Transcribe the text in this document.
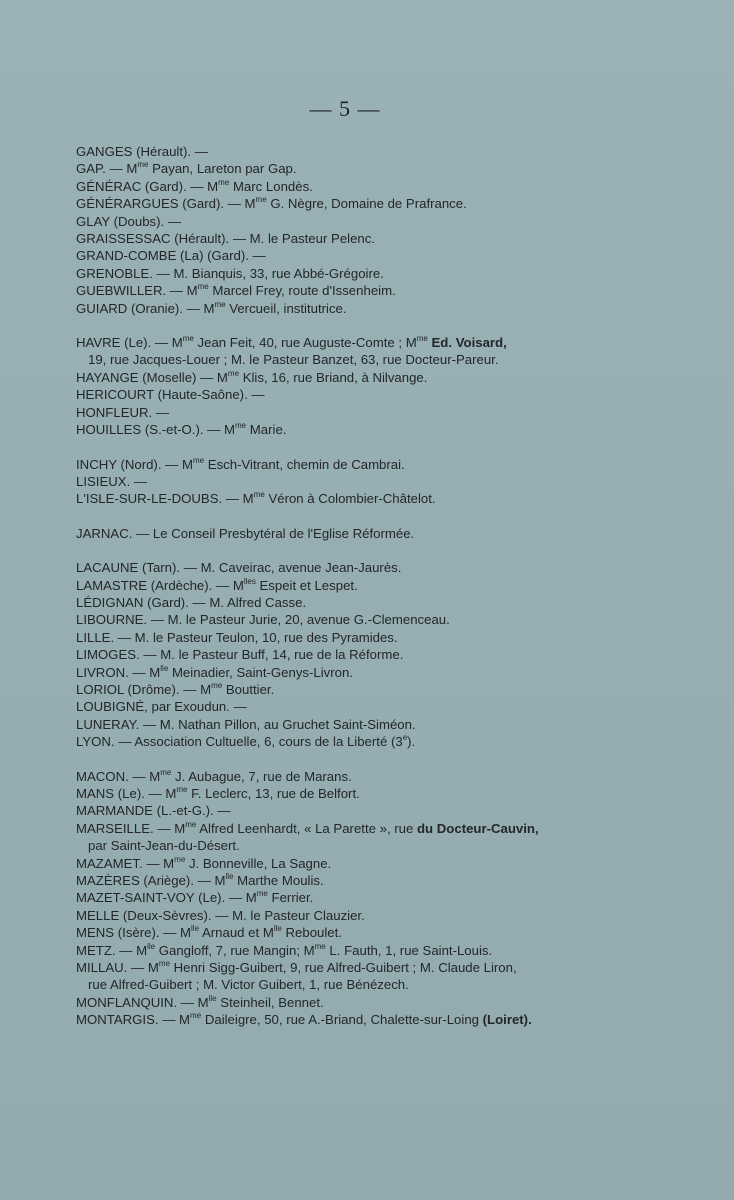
— 5 —
GANGES (Hérault). —
GAP. — $M^{me}$ Payan, Lareton par Gap.
GÉNÉRAC (Gard). — $M^{me}$ Marc Londès.
GÉNÉRARGUES (Gard). — $M^{me}$ G. Nègre, Domaine de Prafrance.
GLAY (Doubs). —
GRAISSESSAC (Hérault). — M. le Pasteur Pelenc.
GRAND-COMBE (La) (Gard). —
GRENOBLE. — M. Bianquis, 33, rue Abbé-Grégoire.
GUEBWILLER. — $M^{me}$ Marcel Frey, route d'Issenheim.
GUIARD (Oranie). — $M^{me}$ Vercueil, institutrice.
HAVRE (Le). — $M^{me}$ Jean Feit, 40, rue Auguste-Comte ; $M^{me}$ Ed. Voisard,
19, rue Jacques-Louer ; M. le Pasteur Banzet, 63, rue Docteur-Pareur.
HAYANGE (Moselle) — $M^{me}$ Klis, 16, rue Briand, à Nilvange.
HERICOURT (Haute-Saône). —
HONFLEUR. —
HOUILLES (S.-et-O.). — $M^{me}$ Marie.
INCHY (Nord). — $M^{me}$ Esch-Vitrant, chemin de Cambrai.
LISIEUX. —
L'ISLE-SUR-LE-DOUBS. — $M^{me}$ Véron à Colombier-Châtelot.
JARNAC. — Le Conseil Presbytéral de l'Eglise Réformée.
LACAUNE (Tarn). — M. Caveirac, avenue Jean-Jaurès.
LAMASTRE (Ardèche). — $M^{lles}$ Espeit et Lespet.
LÉDIGNAN (Gard). — M. Alfred Casse.
LIBOURNE. — M. le Pasteur Jurie, 20, avenue G.-Clemenceau.
LILLE. — M. le Pasteur Teulon, 10, rue des Pyramides.
LIMOGES. — M. le Pasteur Buff, 14, rue de la Réforme.
LIVRON. — $M^{lle}$ Meinadier, Saint-Genys-Livron.
LORIOL (Drôme). — $M^{me}$ Bouttier.
LOUBIGNÉ, par Exoudun. —
LUNERAY. — M. Nathan Pillon, au Gruchet Saint-Siméon.
LYON. — Association Cultuelle, 6, cours de la Liberté (3e).
MACON. — $M^{me}$ J. Aubague, 7, rue de Marans.
MANS (Le). — $M^{me}$ F. Leclerc, 13, rue de Belfort.
MARMANDE (L.-et-G.). —
MARSEILLE. — $M^{me}$ Alfred Leenhardt, « La Parette », rue du Docteur-Cauvin,
par Saint-Jean-du-Désert.
MAZAMET. — $M^{me}$ J. Bonneville, La Sagne.
MAZÈRES (Ariège). — $M^{lle}$ Marthe Moulis.
MAZET-SAINT-VOY (Le). — $M^{me}$ Ferrier.
MELLE (Deux-Sèvres). — M. le Pasteur Clauzier.
MENS (Isère). — $M^{lle}$ Arnaud et $M^{lle}$ Reboulet.
METZ. — $M^{lle}$ Gangloff, 7, rue Mangin; $M^{me}$ L. Fauth, 1, rue Saint-Louis.
MILLAU. — $M^{me}$ Henri Sigg-Guibert, 9, rue Alfred-Guibert ; M. Claude Liron,
rue Alfred-Guibert ; M. Victor Guibert, 1, rue Bénézech.
MONFLANQUIN. — $M^{lle}$ Steinheil, Bennet.
MONTARGIS. — $M^{me}$ Daileigre, 50, rue A.-Briand, Chalette-sur-Loing (Loiret).
